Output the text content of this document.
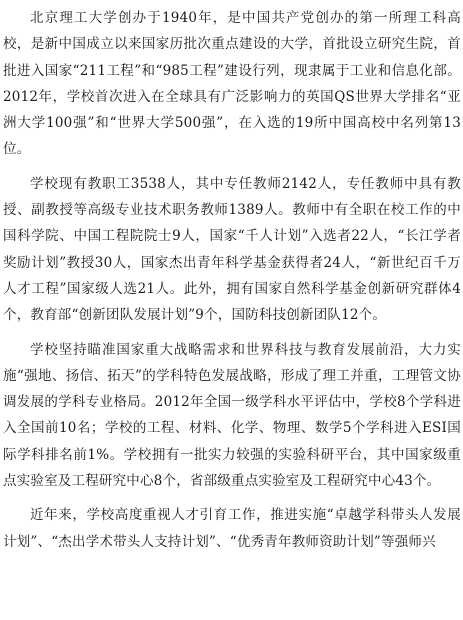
北京理工大学创办于1940年，是中国共产党创办的第一所理工科高校，是新中国成立以来国家历批次重点建设的大学，首批设立研究生院，首批进入国家“211工程”和“985工程”建设行列，现隶属于工业和信息化部。2012年，学校首次进入在全球具有广泛影响力的英国QS世界大学排名“亚洲大学100强”和“世界大学500强”，在入选的19所中国高校中名列第13位。

学校现有教职工3538人，其中专任教师2142人，专任教师中具有教授、副教授等高级专业技术职务教师1389人。教师中有全职在校工作的中国科学院、中国工程院院士9人，国家“千人计划”入选者22人，“长江学者奖励计划”教授30人，国家杰出青年科学基金获得者24人，“新世纪百千万人才工程”国家级人选21人。此外，拥有国家自然科学基金创新研究群体4个，教育部“创新团队发展计划”9个，国防科技创新团队12个。

学校坚持瞄准国家重大战略需求和世界科技与教育发展前沿，大力实施“强地、扬信、拓天”的学科特色发展战略，形成了理工并重，工理管文协调发展的学科专业格局。2012年全国一级学科水平评估中，学校8个学科进入全国前10名；学校的工程、材料、化学、物理、数学5个学科进入ESI国际学科排名前1%。学校拥有一批实力较强的实验科研平台，其中国家级重点实验室及工程研究中心8个，省部级重点实验室及工程研究中心43个。

近年来，学校高度重视人才引育工作，推进实施“卓越学科带头人发展计划”、“杰出学术带头人支持计划”、“优秀青年教师资助计划”等强师兴
